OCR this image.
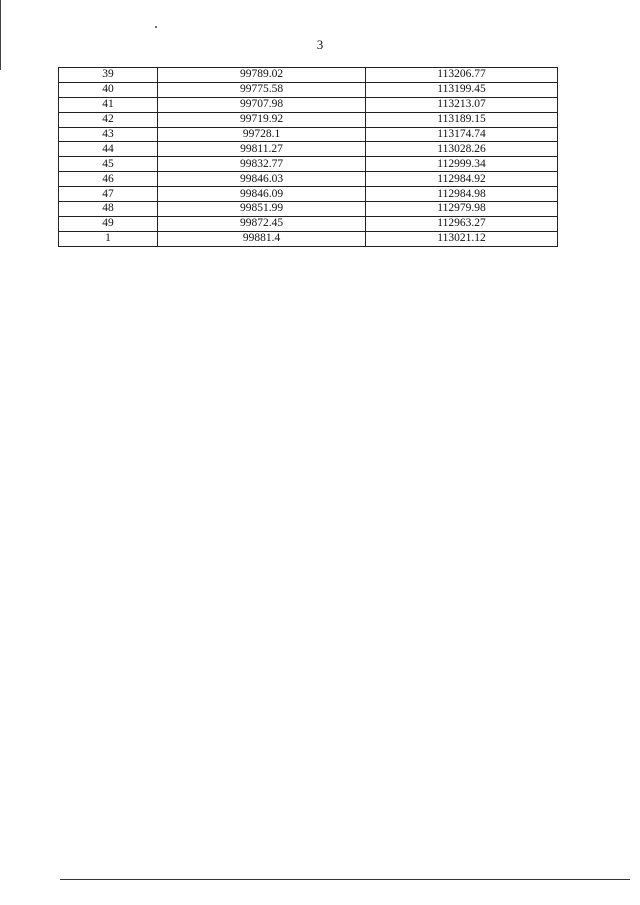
3
39	99789.02	113206.77
40	99775.58	113199.45
41	99707.98	113213.07
42	99719.92	113189.15
43	99728.1	113174.74
44	99811.27	113028.26
45	99832.77	112999.34
46	99846.03	112984.92
47	99846.09	112984.98
48	99851.99	112979.98
49	99872.45	112963.27
1	99881.4	113021.12
